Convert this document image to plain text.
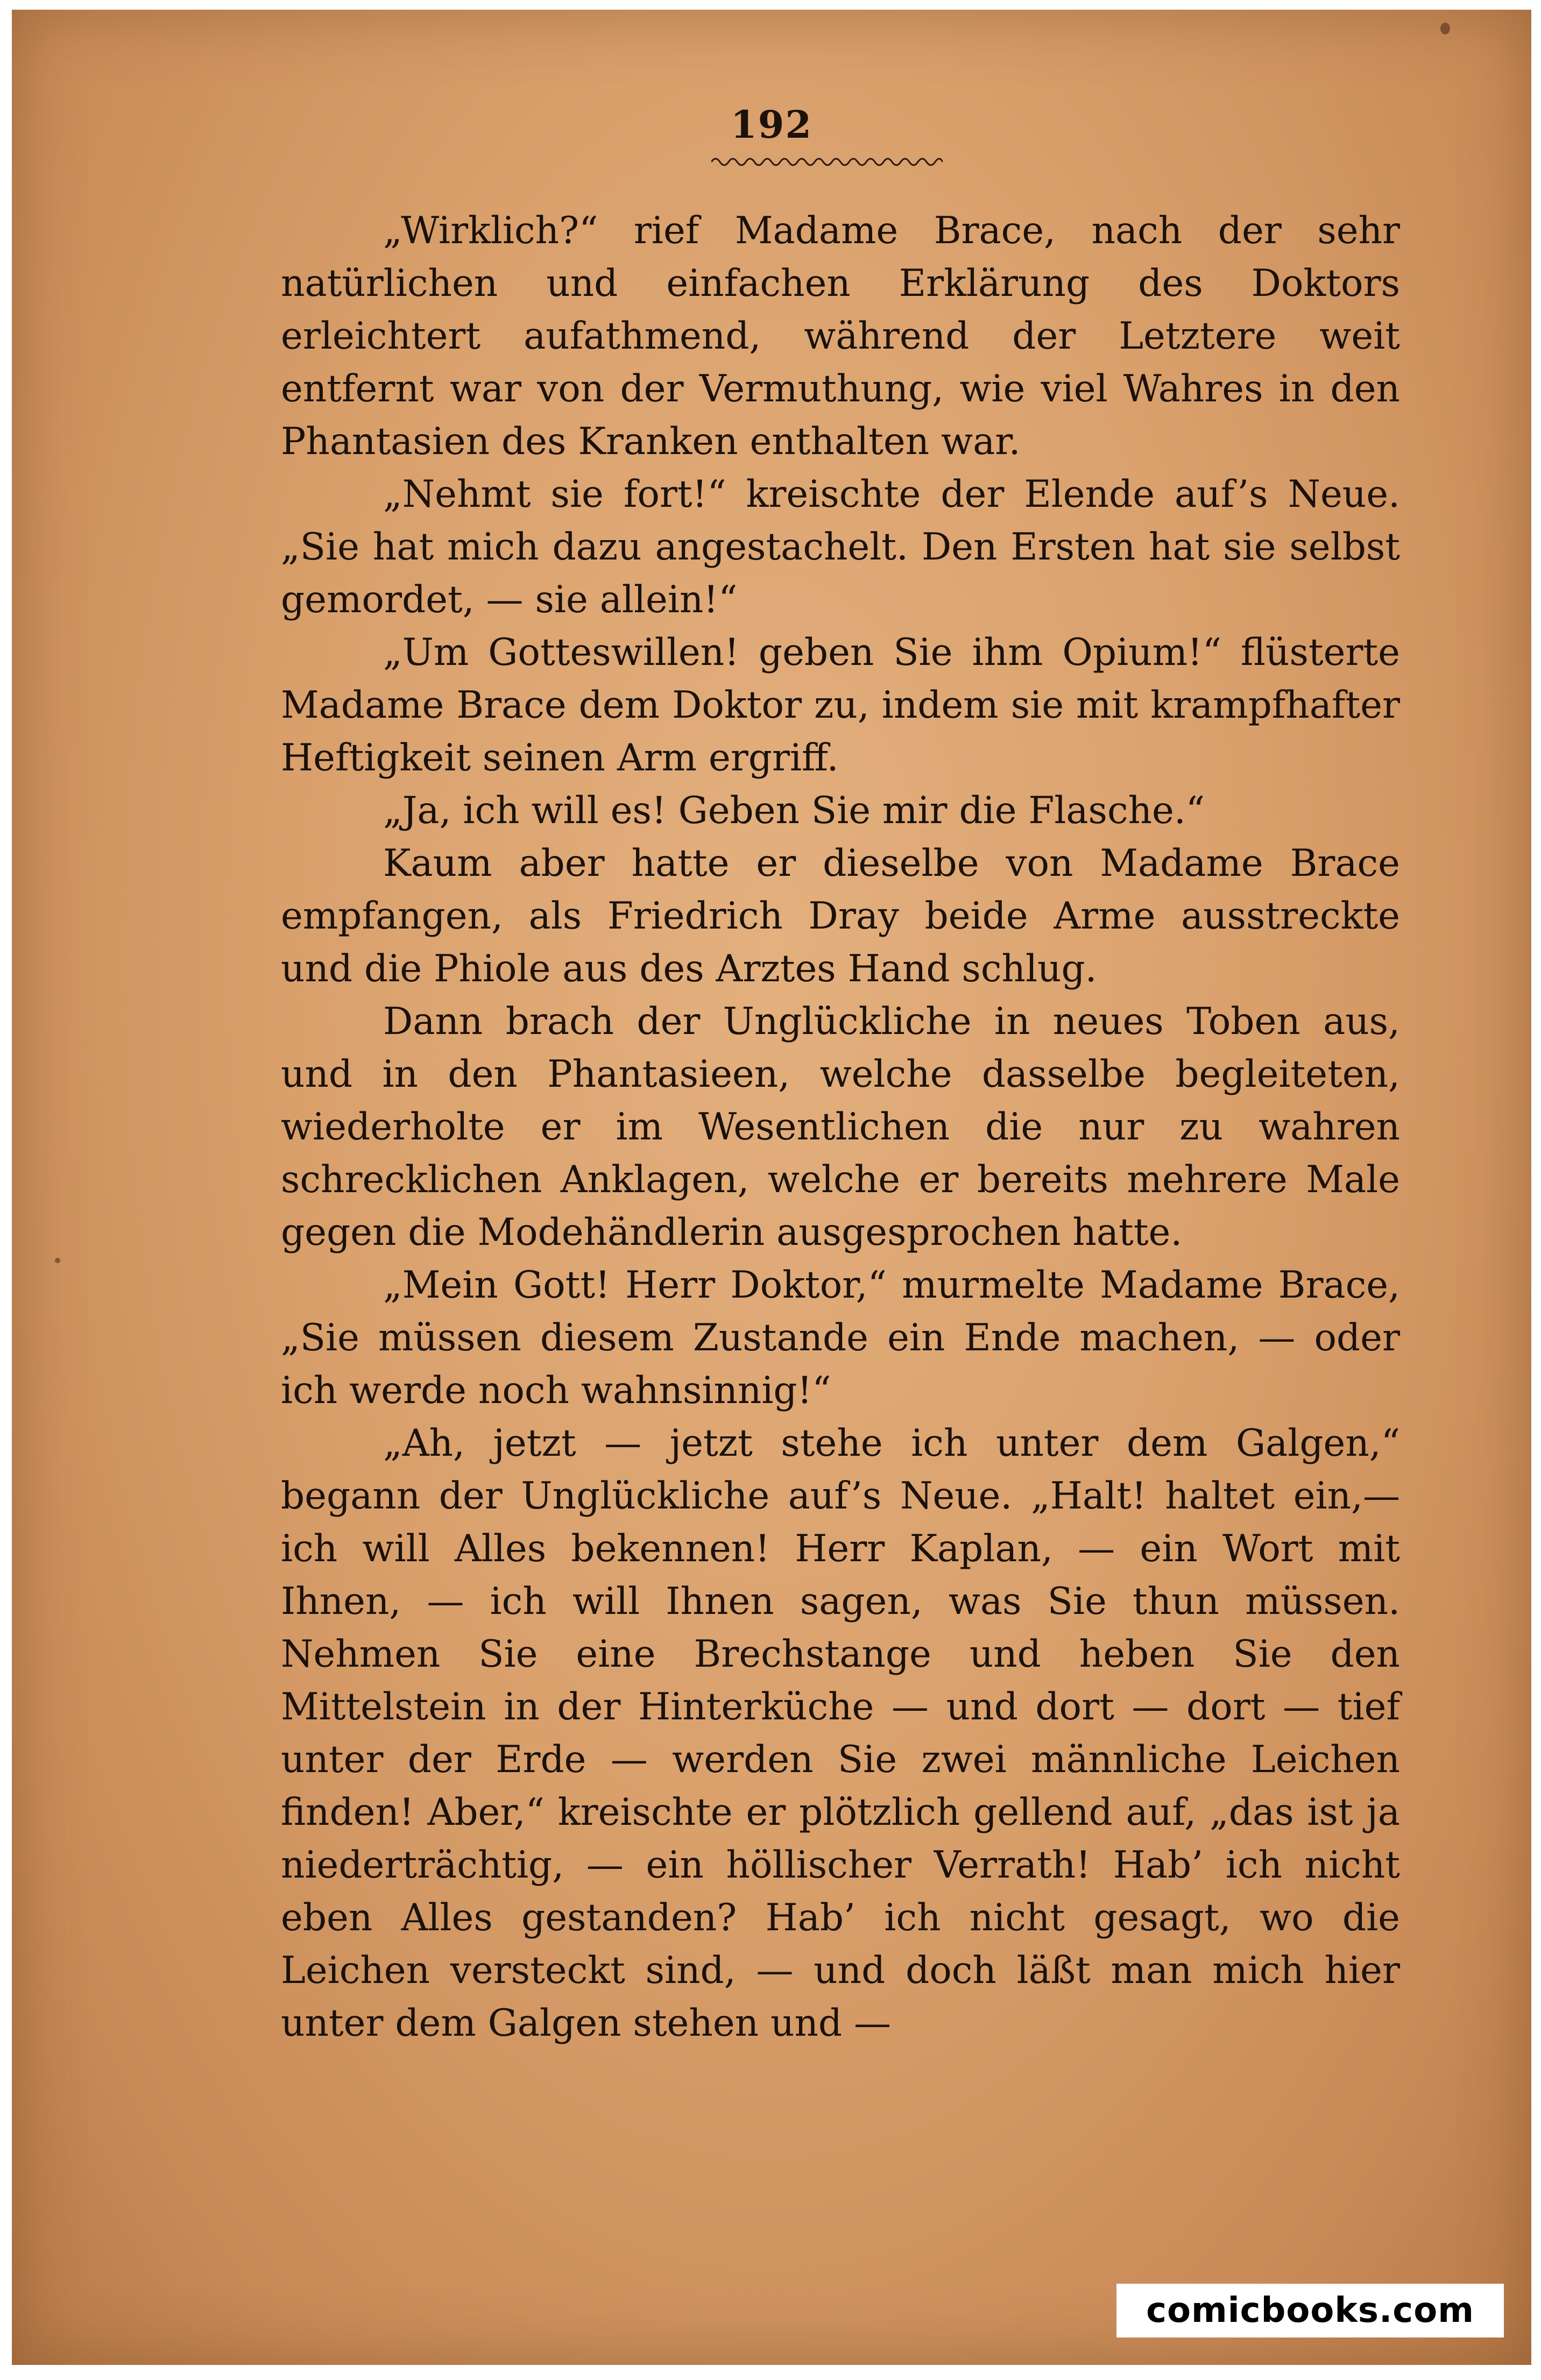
192

„Wirklich?“ rief Madame Brace, nach der sehr natürlichen und einfachen Erklärung des Doktors erleichtert aufathmend, während der Letztere weit entfernt war von der Vermuthung, wie viel Wahres in den Phantasien des Kranken enthalten war.

„Nehmt sie fort!“ kreischte der Elende auf’s Neue. „Sie hat mich dazu angestachelt. Den Ersten hat sie selbst gemordet, — sie allein!“

„Um Gotteswillen! geben Sie ihm Opium!“ flüsterte Madame Brace dem Doktor zu, indem sie mit krampfhafter Heftigkeit seinen Arm ergriff.

„Ja, ich will es! Geben Sie mir die Flasche.“

Kaum aber hatte er dieselbe von Madame Brace empfangen, als Friedrich Dray beide Arme ausstreckte und die Phiole aus des Arztes Hand schlug.

Dann brach der Unglückliche in neues Toben aus, und in den Phantasieen, welche dasselbe begleiteten, wiederholte er im Wesentlichen die nur zu wahren schrecklichen Anklagen, welche er bereits mehrere Male gegen die Modehändlerin ausgesprochen hatte.

„Mein Gott! Herr Doktor,“ murmelte Madame Brace, „Sie müssen diesem Zustande ein Ende machen, — oder ich werde noch wahnsinnig!“

„Ah, jetzt — jetzt stehe ich unter dem Galgen,“ begann der Unglückliche auf’s Neue. „Halt! haltet ein,— ich will Alles bekennen! Herr Kaplan, — ein Wort mit Ihnen, — ich will Ihnen sagen, was Sie thun müssen. Nehmen Sie eine Brechstange und heben Sie den Mittelstein in der Hinterküche — und dort — dort — tief unter der Erde — werden Sie zwei männliche Leichen finden! Aber,“ kreischte er plötzlich gellend auf, „das ist ja niederträchtig, — ein höllischer Verrath! Hab’ ich nicht eben Alles gestanden? Hab’ ich nicht gesagt, wo die Leichen versteckt sind, — und doch läßt man mich hier unter dem Galgen stehen und —

comicbooks.com
